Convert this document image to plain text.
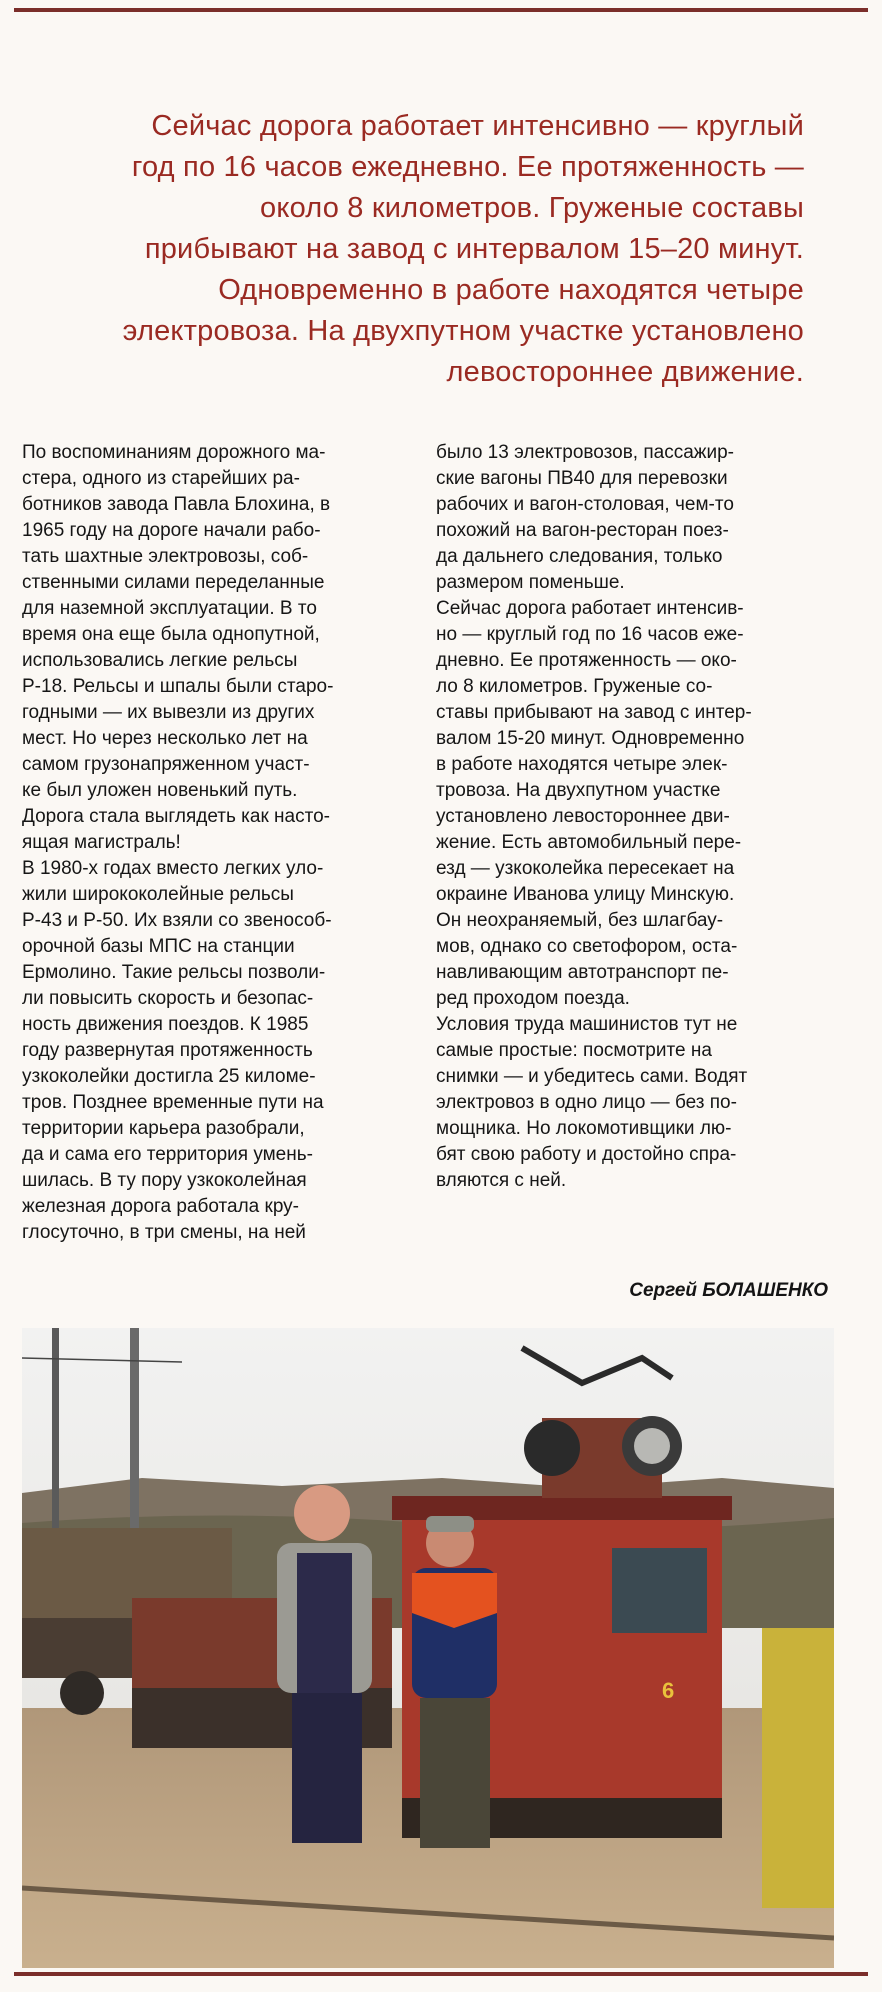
Сейчас дорога работает интенсивно — круглый
год по 16 часов ежедневно. Ее протяженность —
около 8 километров. Груженые составы
прибывают на завод с интервалом 15–20 минут.
Одновременно в работе находятся четыре
электровоза. На двухпутном участке установлено
левостороннее движение.
По воспоминаниям дорожного ма-
стера, одного из старейших ра-
ботников завода Павла Блохина, в
1965 году на дороге начали рабо-
тать шахтные электровозы, соб-
ственными силами переделанные
для наземной эксплуатации. В то
время она еще была однопутной,
использовались легкие рельсы
Р-18. Рельсы и шпалы были старо-
годными — их вывезли из других
мест. Но через несколько лет на
самом грузонапряженном участ-
ке был уложен новенький путь.
Дорога стала выглядеть как насто-
ящая магистраль!
В 1980-х годах вместо легких уло-
жили ширококолейные рельсы
Р-43 и Р-50. Их взяли со звенособ-
орочной базы МПС на станции
Ермолино. Такие рельсы позволи-
ли повысить скорость и безопас-
ность движения поездов. К 1985
году развернутая протяженность
узкоколейки достигла 25 киломе-
тров. Позднее временные пути на
территории карьера разобрали,
да и сама его территория умень-
шилась. В ту пору узкоколейная
железная дорога работала кру-
глосуточно, в три смены, на ней
было 13 электровозов, пассажир-
ские вагоны ПВ40 для перевозки
рабочих и вагон-столовая, чем-то
похожий на вагон-ресторан поез-
да дальнего следования, только
размером поменьше.
Сейчас дорога работает интенсив-
но — круглый год по 16 часов еже-
дневно. Ее протяженность — око-
ло 8 километров. Груженые со-
ставы прибывают на завод с интер-
валом 15-20 минут. Одновременно
в работе находятся четыре элек-
тровоза. На двухпутном участке
установлено левостороннее дви-
жение. Есть автомобильный пере-
езд — узкоколейка пересекает на
окраине Иванова улицу Минскую.
Он неохраняемый, без шлагбау-
мов, однако со светофором, оста-
навливающим автотранспорт пе-
ред проходом поезда.
Условия труда машинистов тут не
самые простые: посмотрите на
снимки — и убедитесь сами. Водят
электровоз в одно лицо — без по-
мощника. Но локомотивщики лю-
бят свою работу и достойно спра-
вляются с ней.
Сергей БОЛАШЕНКО
6
